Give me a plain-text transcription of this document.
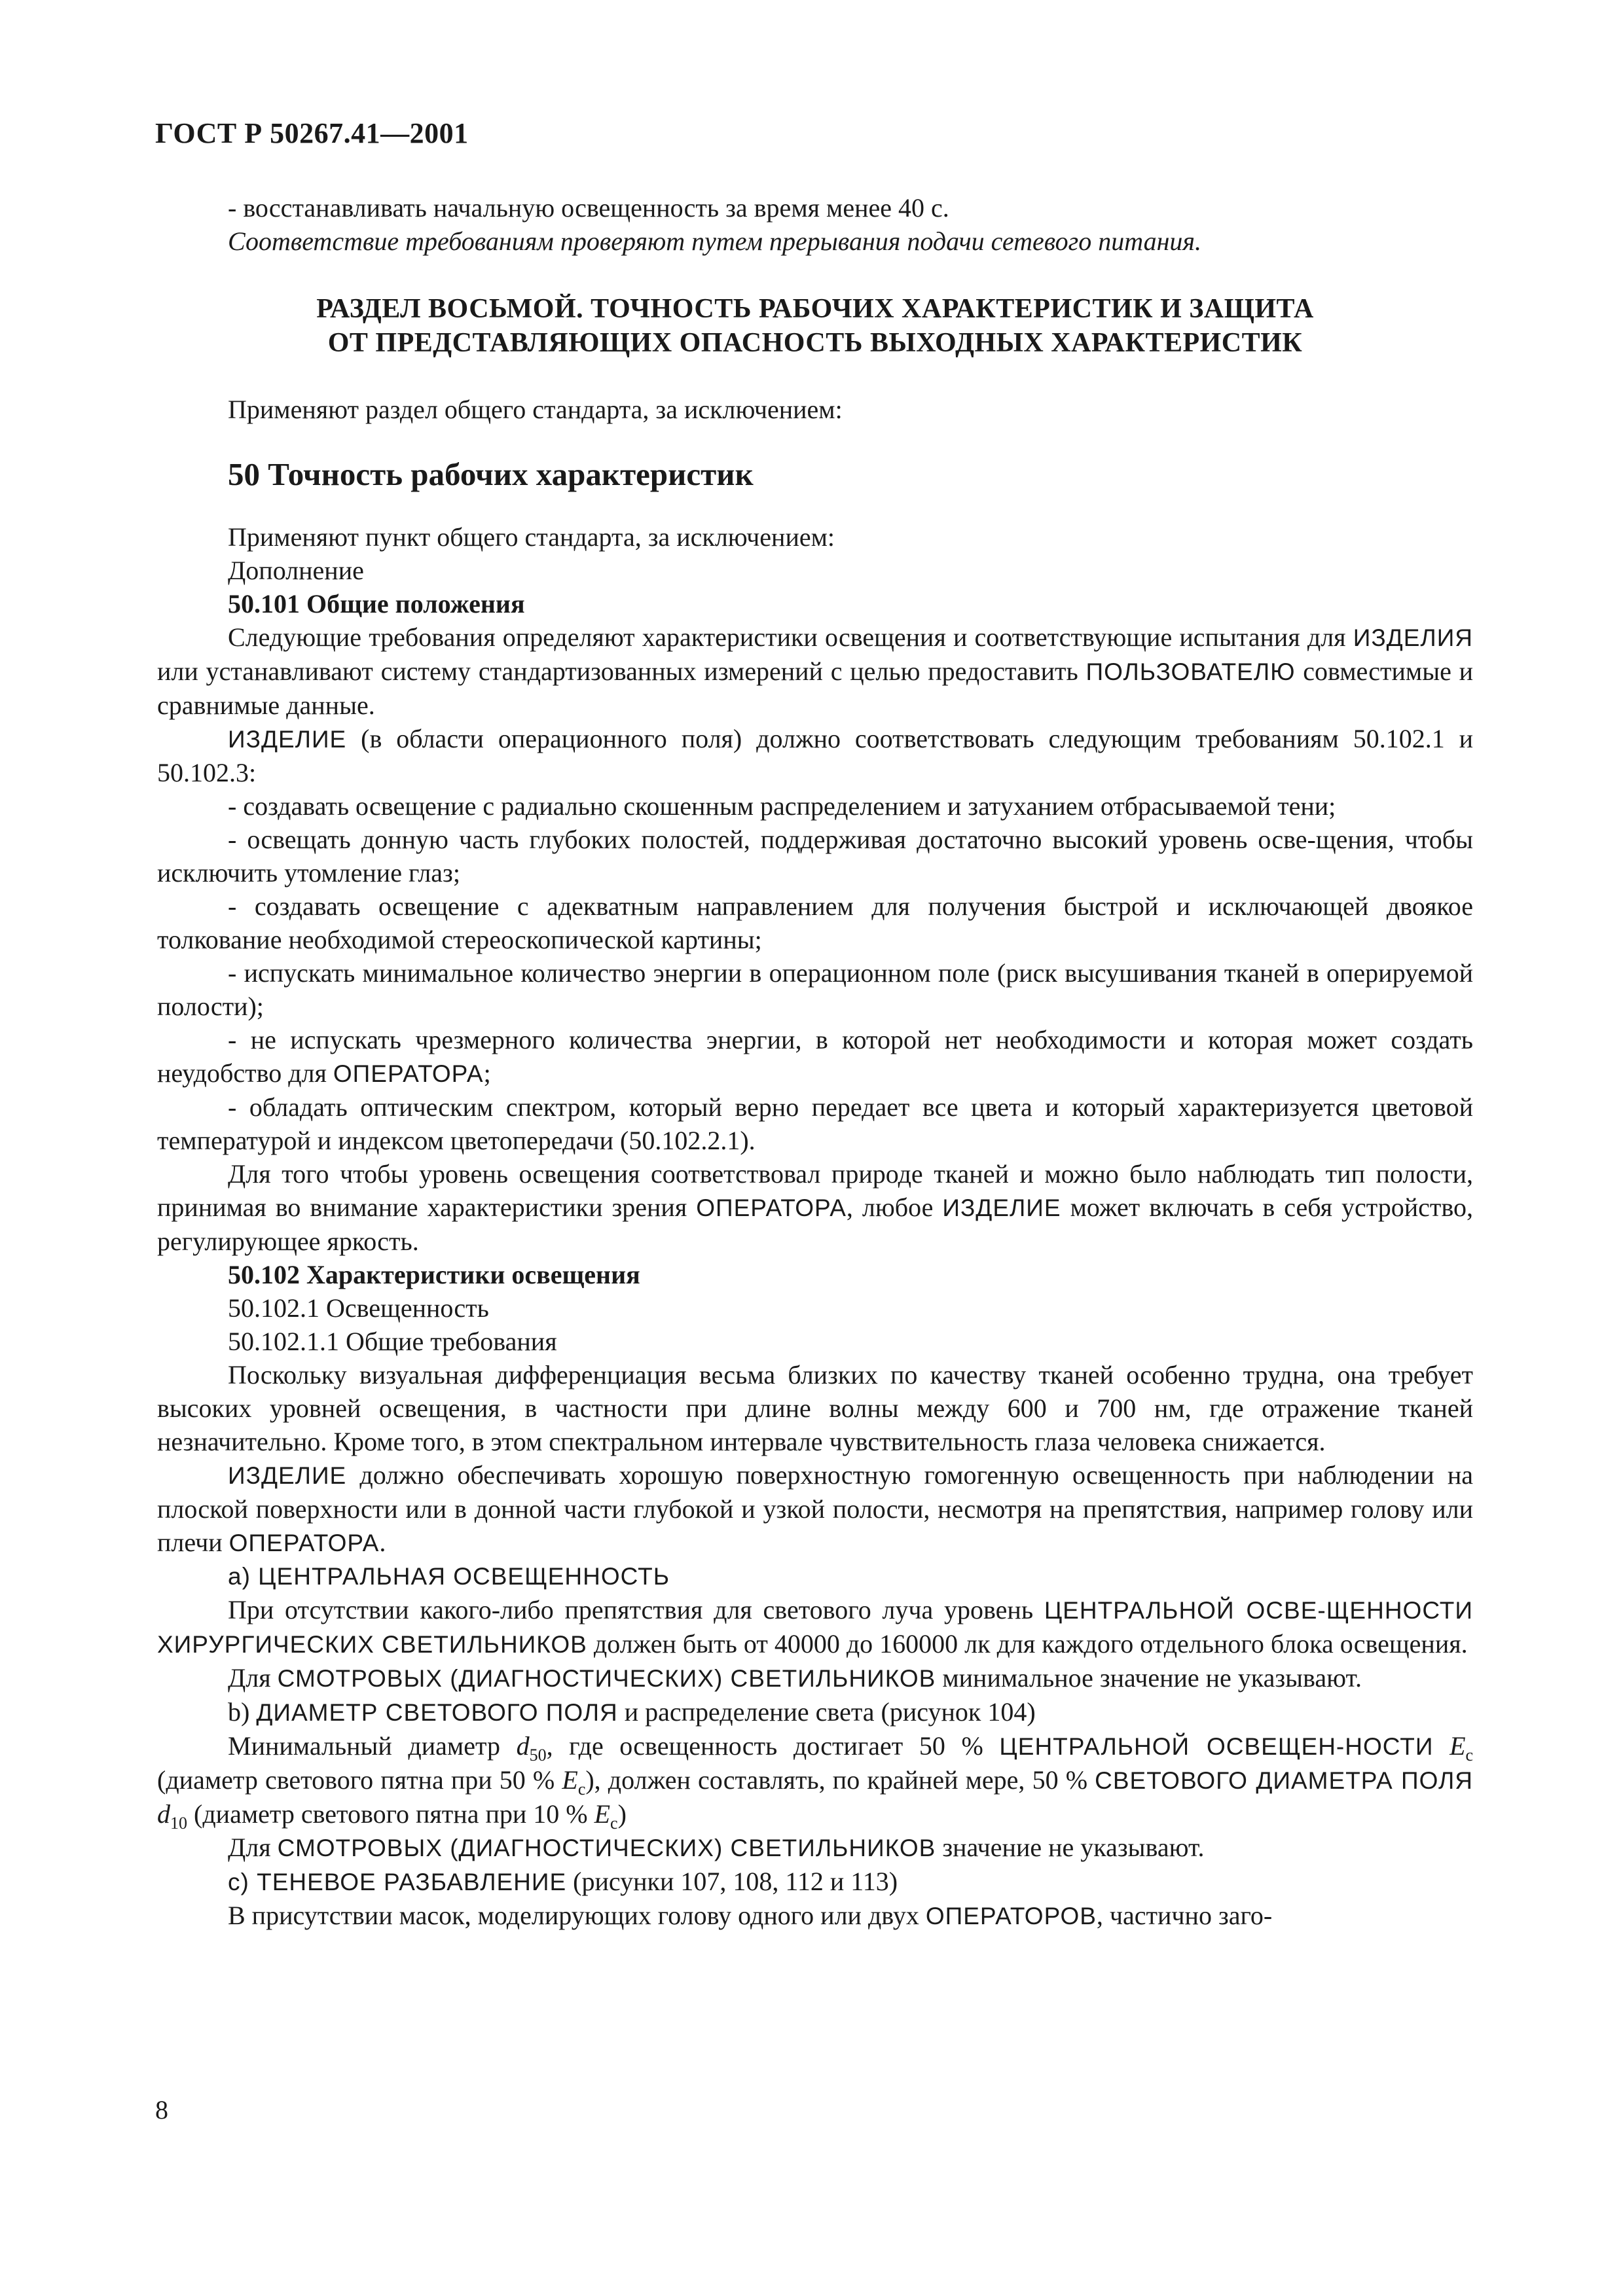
ГОСТ Р 50267.41—2001

- восстанавливать начальную освещенность за время менее 40 с.

Соответствие требованиям проверяют путем прерывания подачи сетевого питания.

РАЗДЕЛ ВОСЬМОЙ. ТОЧНОСТЬ РАБОЧИХ ХАРАКТЕРИСТИК И ЗАЩИТА

ОТ ПРЕДСТАВЛЯЮЩИХ ОПАСНОСТЬ ВЫХОДНЫХ ХАРАКТЕРИСТИК

Применяют раздел общего стандарта, за исключением:

50 Точность рабочих характеристик

Применяют пункт общего стандарта, за исключением:

Дополнение

50.101 Общие положения

Следующие требования определяют характеристики освещения и соответствующие испытания для ИЗДЕЛИЯ или устанавливают систему стандартизованных измерений с целью предоставить ПОЛЬЗОВАТЕЛЮ совместимые и сравнимые данные.

ИЗДЕЛИЕ (в области операционного поля) должно соответствовать следующим требованиям 50.102.1 и 50.102.3:

- создавать освещение с радиально скошенным распределением и затуханием отбрасываемой тени;

- освещать донную часть глубоких полостей, поддерживая достаточно высокий уровень осве-щения, чтобы исключить утомление глаз;

- создавать освещение с адекватным направлением для получения быстрой и исключающей двоякое толкование необходимой стереоскопической картины;

- испускать минимальное количество энергии в операционном поле (риск высушивания тканей в оперируемой полости);

- не испускать чрезмерного количества энергии, в которой нет необходимости и которая может создать неудобство для ОПЕРАТОРА;

- обладать оптическим спектром, который верно передает все цвета и который характеризуется цветовой температурой и индексом цветопередачи (50.102.2.1).

Для того чтобы уровень освещения соответствовал природе тканей и можно было наблюдать тип полости, принимая во внимание характеристики зрения ОПЕРАТОРА, любое ИЗДЕЛИЕ может включать в себя устройство, регулирующее яркость.

50.102 Характеристики освещения

50.102.1 Освещенность

50.102.1.1 Общие требования

Поскольку визуальная дифференциация весьма близких по качеству тканей особенно трудна, она требует высоких уровней освещения, в частности при длине волны между 600 и 700 нм, где отражение тканей незначительно. Кроме того, в этом спектральном интервале чувствительность глаза человека снижается.

ИЗДЕЛИЕ должно обеспечивать хорошую поверхностную гомогенную освещенность при наблюдении на плоской поверхности или в донной части глубокой и узкой полости, несмотря на препятствия, например голову или плечи ОПЕРАТОРА.

а) ЦЕНТРАЛЬНАЯ ОСВЕЩЕННОСТЬ

При отсутствии какого-либо препятствия для светового луча уровень ЦЕНТРАЛЬНОЙ ОСВЕ-ЩЕННОСТИ ХИРУРГИЧЕСКИХ СВЕТИЛЬНИКОВ должен быть от 40000 до 160000 лк для каждого отдельного блока освещения.

Для СМОТРОВЫХ (ДИАГНОСТИЧЕСКИХ) СВЕТИЛЬНИКОВ минимальное значение не указывают.

b) ДИАМЕТР СВЕТОВОГО ПОЛЯ и распределение света (рисунок 104)

Минимальный диаметр $d_{50}$, где освещенность достигает 50 % ЦЕНТРАЛЬНОЙ ОСВЕЩЕН-НОСТИ $E_с$ (диаметр светового пятна при 50 % $E_с$), должен составлять, по крайней мере, 50 % СВЕТОВОГО ДИАМЕТРА ПОЛЯ $d_{10}$ (диаметр светового пятна при 10 % $E_с$)

Для СМОТРОВЫХ (ДИАГНОСТИЧЕСКИХ) СВЕТИЛЬНИКОВ значение не указывают.

с) ТЕНЕВОЕ РАЗБАВЛЕНИЕ (рисунки 107, 108, 112 и 113)

В присутствии масок, моделирующих голову одного или двух ОПЕРАТОРОВ, частично заго-

8
